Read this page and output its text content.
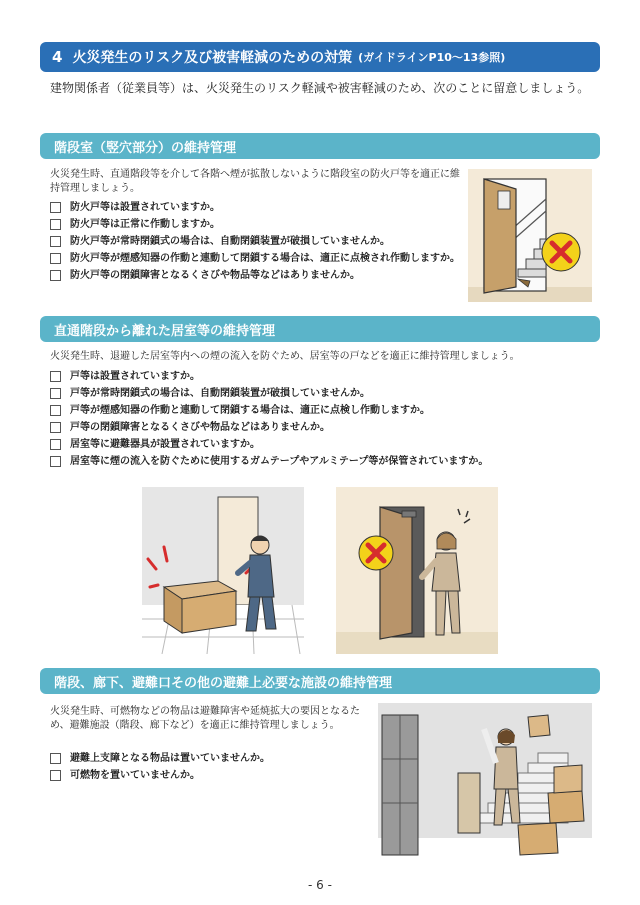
4 火災発生のリスク及び被害軽減のための対策 (ガイドラインP10～13参照)
建物関係者（従業員等）は、火災発生のリスク軽減や被害軽減のため、次のことに留意しましょう。
階段室（竪穴部分）の維持管理
火災発生時、直通階段等を介して各階へ煙が拡散しないように階段室の防火戸等を適正に維持管理しましょう。
防火戸等は設置されていますか。
防火戸等は正常に作動しますか。
防火戸等が常時閉鎖式の場合は、自動閉鎖装置が破損していませんか。
防火戸等が煙感知器の作動と連動して閉鎖する場合は、適正に点検され作動しますか。
防火戸等の閉鎖障害となるくさびや物品等などはありませんか。
直通階段から離れた居室等の維持管理
火災発生時、退避した居室等内への煙の流入を防ぐため、居室等の戸などを適正に維持管理しましょう。
戸等は設置されていますか。
戸等が常時閉鎖式の場合は、自動閉鎖装置が破損していませんか。
戸等が煙感知器の作動と連動して閉鎖する場合は、適正に点検し作動しますか。
戸等の閉鎖障害となるくさびや物品などはありませんか。
居室等に避難器具が設置されていますか。
居室等に煙の流入を防ぐために使用するガムテープやアルミテープ等が保管されていますか。
階段、廊下、避難口その他の避難上必要な施設の維持管理
火災発生時、可燃物などの物品は避難障害や延焼拡大の要因となるため、避難施設（階段、廊下など）を適正に維持管理しましょう。
避難上支障となる物品は置いていませんか。
可燃物を置いていませんか。
- 6 -
